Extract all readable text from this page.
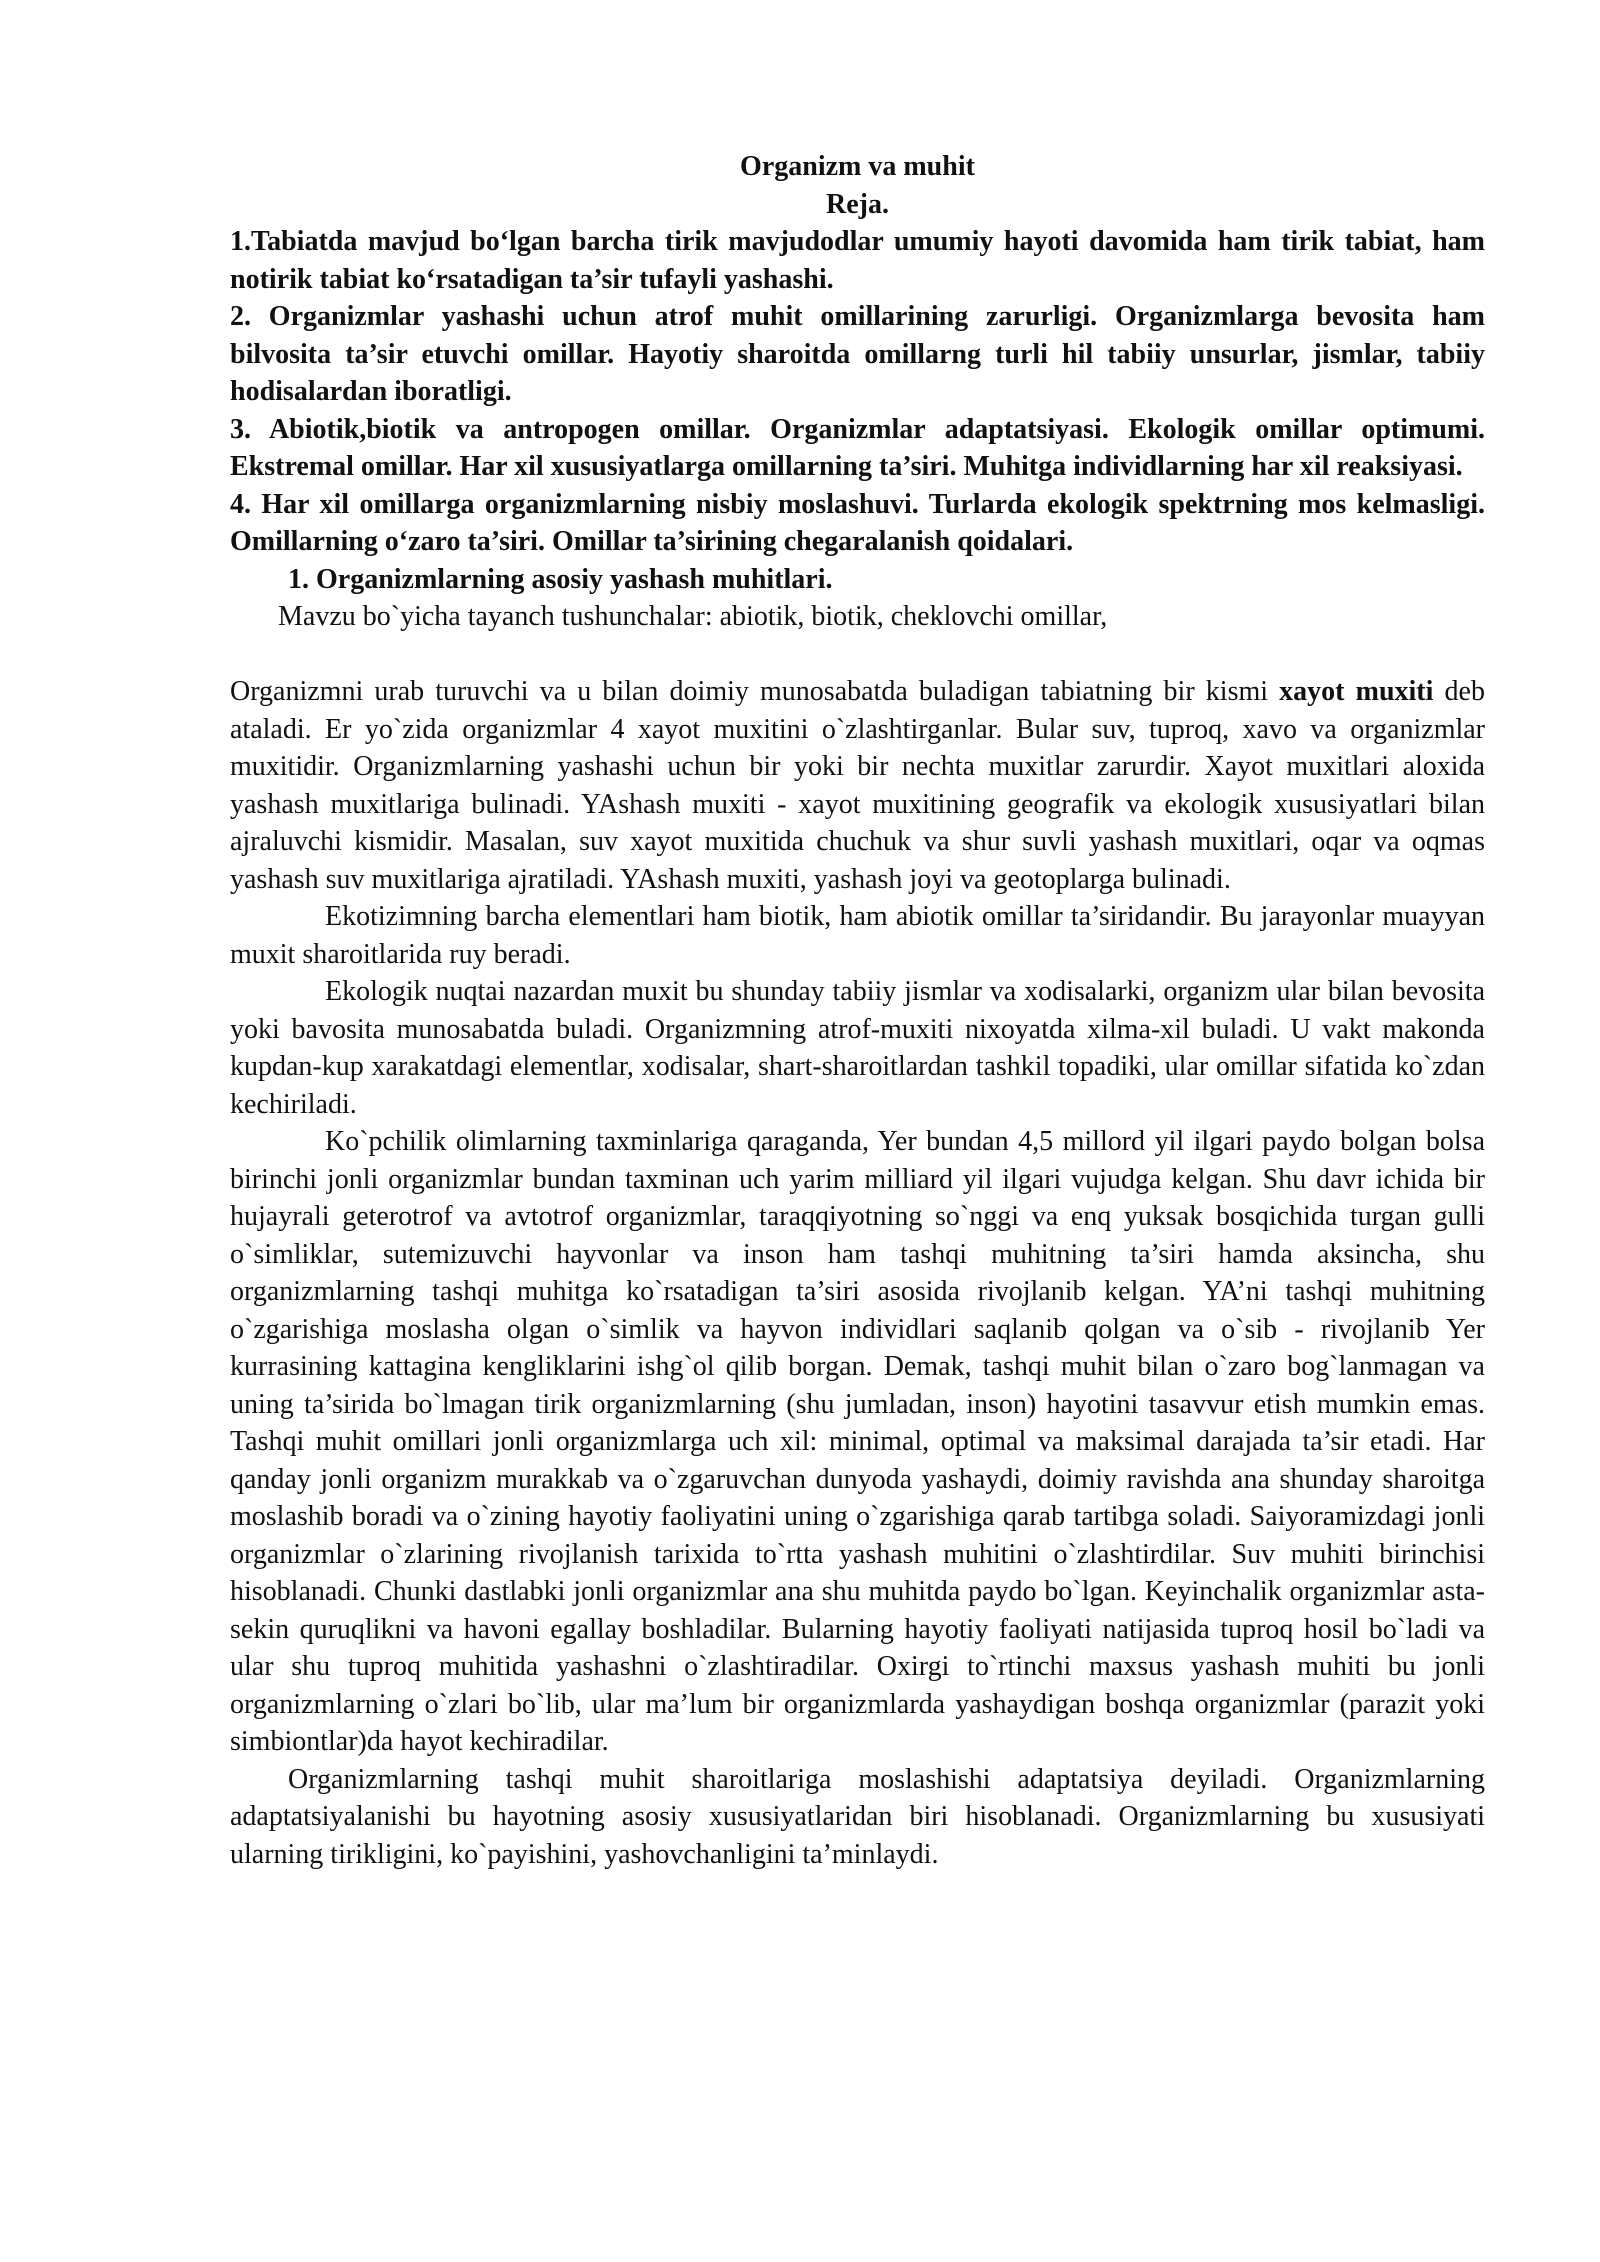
Organizm va muhit

Reja.

1.Tabiatda mavjud bo‘lgan barcha tirik mavjudodlar umumiy hayoti davomida ham tirik tabiat, ham notirik tabiat ko‘rsatadigan ta’sir tufayli yashashi.

2. Organizmlar yashashi uchun atrof muhit omillarining zarurligi. Organizmlarga bevosita ham bilvosita ta’sir etuvchi omillar. Hayotiy sharoitda omillarng turli hil tabiiy unsurlar, jismlar, tabiiy hodisalardan iboratligi.

3. Abiotik,biotik va antropogen omillar. Organizmlar adaptatsiyasi. Ekologik omillar optimumi. Ekstremal omillar. Har xil xususiyatlarga omillarning ta’siri. Muhitga individlarning har xil reaksiyasi.

4. Har xil omillarga organizmlarning nisbiy moslashuvi. Turlarda ekologik spektrning mos kelmasligi. Omillarning o‘zaro ta’siri. Omillar ta’sirining chegaralanish qoidalari.

1. Organizmlarning asosiy yashash muhitlari.

Mavzu bo`yicha tayanch tushunchalar: abiotik, biotik, cheklovchi omillar,

Organizmni urab turuvchi va u bilan doimiy munosabatda buladigan tabiatning bir kismi xayot muxiti deb ataladi. Er yo`zida organizmlar 4 xayot muxitini o`zlashtirganlar. Bular suv, tuproq, xavo va organizmlar muxitidir. Organizmlarning yashashi uchun bir yoki bir nechta muxitlar zarurdir. Xayot muxitlari aloxida yashash muxitlariga bulinadi. YAshash muxiti - xayot muxitining geografik va ekologik xususiyatlari bilan ajraluvchi kismidir. Masalan, suv xayot muxitida chuchuk va shur suvli yashash muxitlari, oqar va oqmas yashash suv muxitlariga ajratiladi. YAshash muxiti, yashash joyi va geotoplarga bulinadi.

Ekotizimning barcha elementlari ham biotik, ham abiotik omillar ta’siridandir. Bu jarayonlar muayyan muxit sharoitlarida ruy beradi.

Ekologik nuqtai nazardan muxit bu shunday tabiiy jismlar va xodisalarki, organizm ular bilan bevosita yoki bavosita munosabatda buladi. Organizmning atrof-muxiti nixoyatda xilma-xil buladi. U vakt makonda kupdan-kup xarakatdagi elementlar, xodisalar, shart-sharoitlardan tashkil topadiki, ular omillar sifatida ko`zdan kechiriladi.

Ko`pchilik olimlarning taxminlariga qaraganda, Yer bundan 4,5 millord yil ilgari paydo bolgan bolsa birinchi jonli organizmlar bundan taxminan uch yarim milliard yil ilgari vujudga kelgan. Shu davr ichida bir hujayrali geterotrof va avtotrof organizmlar, taraqqiyotning so`nggi va enq yuksak bosqichida turgan gulli o`simliklar, sutemizuvchi hayvonlar va inson ham tashqi muhitning ta’siri hamda aksincha, shu organizmlarning tashqi muhitga ko`rsatadigan ta’siri asosida rivojlanib kelgan. YA’ni tashqi muhitning o`zgarishiga moslasha olgan o`simlik va hayvon individlari saqlanib qolgan va o`sib - rivojlanib Yer kurrasining kattagina kengliklarini ishg`ol qilib borgan. Demak, tashqi muhit bilan o`zaro bog`lanmagan va uning ta’sirida bo`lmagan tirik organizmlarning (shu jumladan, inson) hayotini tasavvur etish mumkin emas. Tashqi muhit omillari jonli organizmlarga uch xil: minimal, optimal va maksimal darajada ta’sir etadi. Har qanday jonli organizm murakkab va o`zgaruvchan dunyoda yashaydi, doimiy ravishda ana shunday sharoitga moslashib boradi va o`zining hayotiy faoliyatini uning o`zgarishiga qarab tartibga soladi. Saiyoramizdagi jonli organizmlar o`zlarining rivojlanish tarixida to`rtta yashash muhitini o`zlashtirdilar. Suv muhiti birinchisi hisoblanadi. Chunki dastlabki jonli organizmlar ana shu muhitda paydo bo`lgan. Keyinchalik organizmlar asta-sekin quruqlikni va havoni egallay boshladilar. Bularning hayotiy faoliyati natijasida tuproq hosil bo`ladi va ular shu tuproq muhitida yashashni o`zlashtiradilar. Oxirgi to`rtinchi maxsus yashash muhiti bu jonli organizmlarning o`zlari bo`lib, ular ma’lum bir organizmlarda yashaydigan boshqa organizmlar (parazit yoki simbiontlar)da hayot kechiradilar.

Organizmlarning tashqi muhit sharoitlariga moslashishi adaptatsiya deyiladi. Organizmlarning adaptatsiyalanishi bu hayotning asosiy xususiyatlaridan biri hisoblanadi. Organizmlarning bu xususiyati ularning tirikligini, ko`payishini, yashovchanligini ta’minlaydi.
